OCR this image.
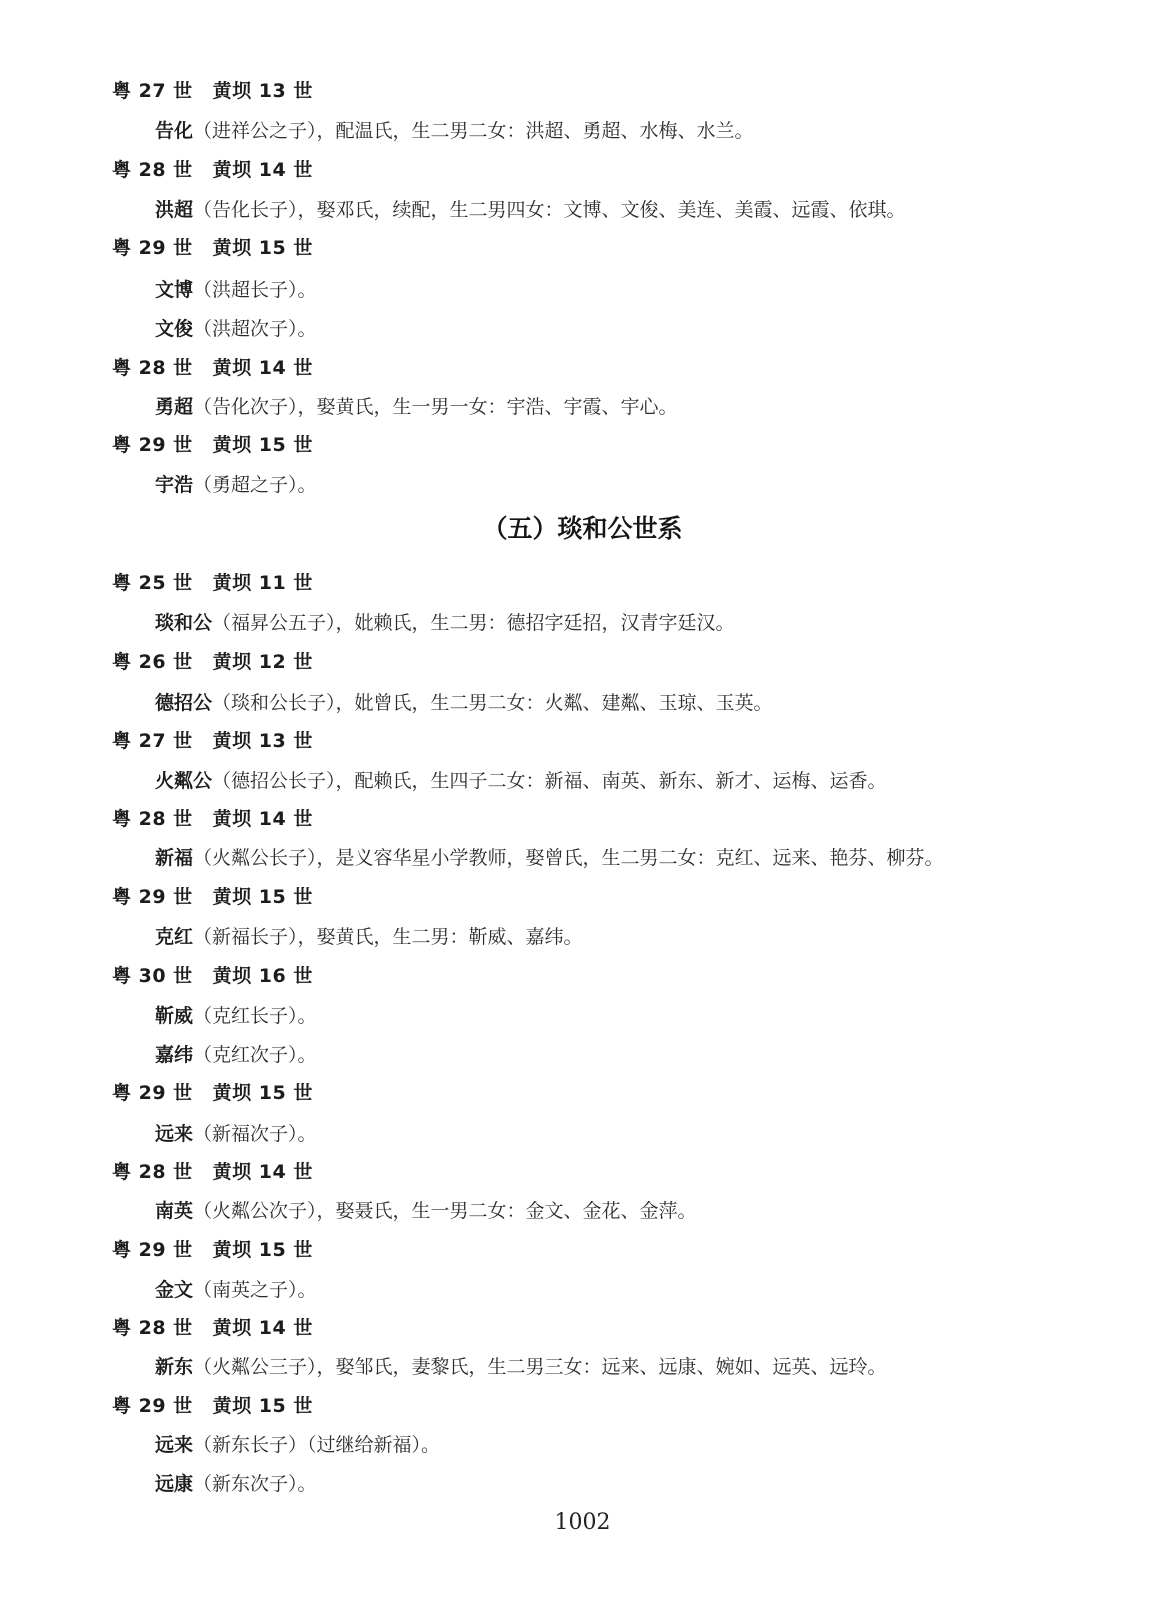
粤 27 世 黄坝 13 世
告化（进祥公之子），配温氏，生二男二女：洪超、勇超、水梅、水兰。
粤 28 世 黄坝 14 世
洪超（告化长子），娶邓氏，续配，生二男四女：文博、文俊、美连、美霞、远霞、依琪。
粤 29 世 黄坝 15 世
文博（洪超长子）。
文俊（洪超次子）。
粤 28 世 黄坝 14 世
勇超（告化次子），娶黄氏，生一男一女：宇浩、宇霞、宇心。
粤 29 世 黄坝 15 世
宇浩（勇超之子）。
（五）琰和公世系
粤 25 世 黄坝 11 世
琰和公（福昇公五子），妣赖氏，生二男：德招字廷招，汉青字廷汉。
粤 26 世 黄坝 12 世
德招公（琰和公长子），妣曾氏，生二男二女：火粼、建粼、玉琼、玉英。
粤 27 世 黄坝 13 世
火粼公（德招公长子），配赖氏，生四子二女：新福、南英、新东、新才、运梅、运香。
粤 28 世 黄坝 14 世
新福（火粼公长子），是义容华星小学教师，娶曾氏，生二男二女：克红、远来、艳芬、柳芬。
粤 29 世 黄坝 15 世
克红（新福长子），娶黄氏，生二男：靳威、嘉纬。
粤 30 世 黄坝 16 世
靳威（克红长子）。
嘉纬（克红次子）。
粤 29 世 黄坝 15 世
远来（新福次子）。
粤 28 世 黄坝 14 世
南英（火粼公次子），娶聂氏，生一男二女：金文、金花、金萍。
粤 29 世 黄坝 15 世
金文（南英之子）。
粤 28 世 黄坝 14 世
新东（火粼公三子），娶邹氏，妻黎氏，生二男三女：远来、远康、婉如、远英、远玲。
粤 29 世 黄坝 15 世
远来（新东长子）（过继给新福）。
远康（新东次子）。
1002
